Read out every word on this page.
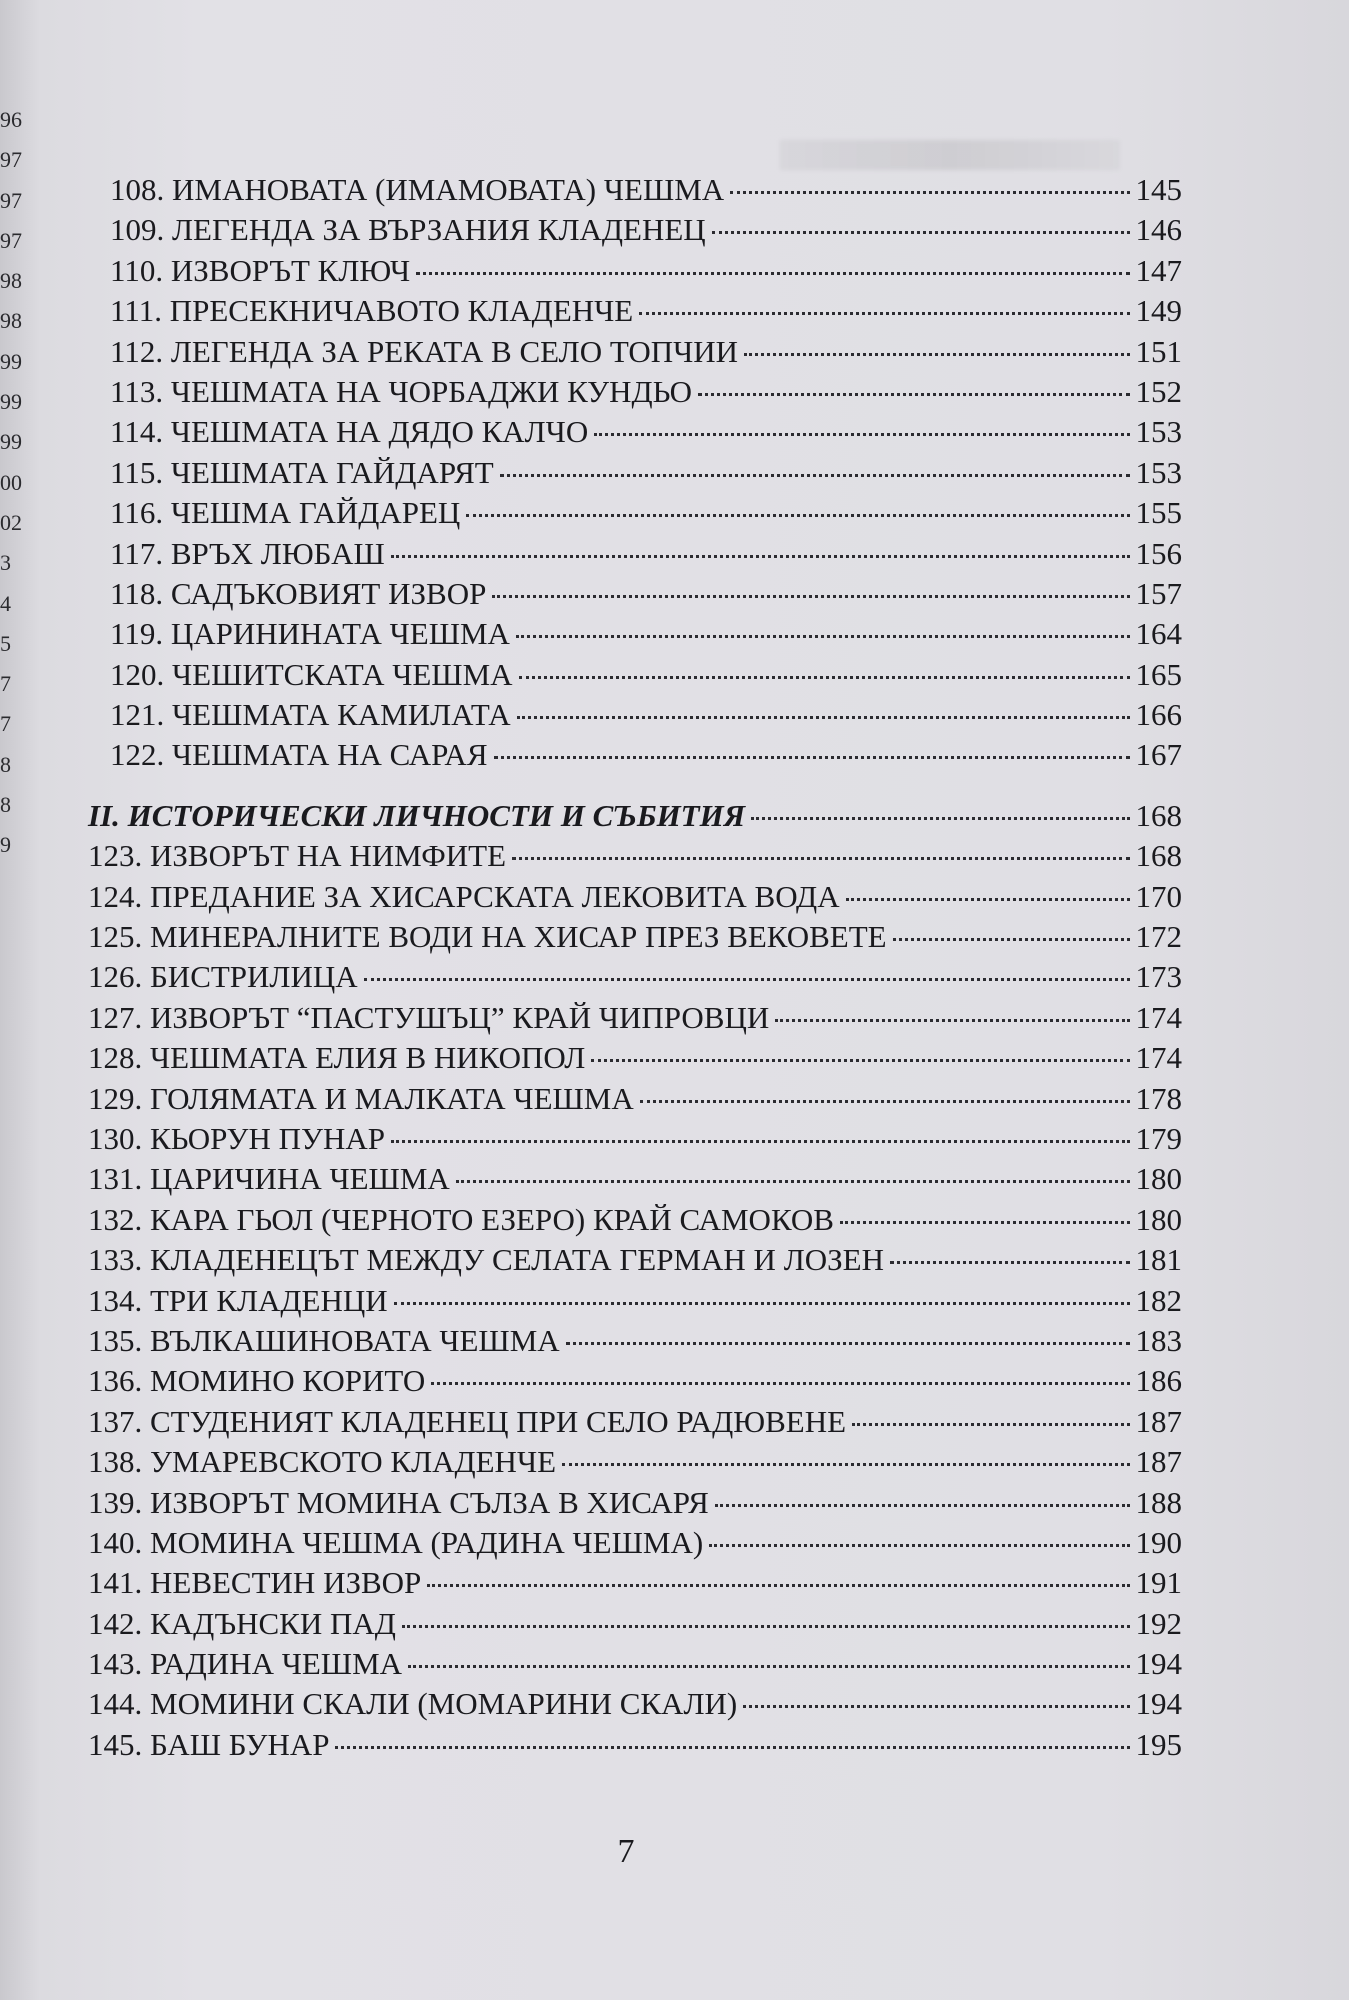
96
97
97
97
98
98
99
99
99
00
02
3
4
5
7
7
8
8
9
108. ИМАНОВАТА (ИМАМОВАТА) ЧЕШМА	145
109. ЛЕГЕНДА ЗА ВЪРЗАНИЯ КЛАДЕНЕЦ	146
110. ИЗВОРЪТ КЛЮЧ	147
111. ПРЕСЕКНИЧАВОТО КЛАДЕНЧЕ	149
112. ЛЕГЕНДА ЗА РЕКАТА В СЕЛО ТОПЧИИ	151
113. ЧЕШМАТА НА ЧОРБАДЖИ КУНДЬО	152
114. ЧЕШМАТА НА ДЯДО КАЛЧО	153
115. ЧЕШМАТА ГАЙДАРЯТ	153
116. ЧЕШМА ГАЙДАРЕЦ	155
117. ВРЪХ ЛЮБАШ	156
118. САДЪКОВИЯТ ИЗВОР	157
119. ЦАРИНИНАТА ЧЕШМА	164
120. ЧЕШИТСКАТА ЧЕШМА	165
121. ЧЕШМАТА КАМИЛАТА	166
122. ЧЕШМАТА НА САРАЯ	167
II. ИСТОРИЧЕСКИ ЛИЧНОСТИ И СЪБИТИЯ	168
123. ИЗВОРЪТ НА НИМФИТЕ	168
124. ПРЕДАНИЕ ЗА ХИСАРСКАТА ЛЕКОВИТА ВОДА	170
125. МИНЕРАЛНИТЕ ВОДИ НА ХИСАР ПРЕЗ ВЕКОВЕТЕ	172
126. БИСТРИЛИЦА	173
127. ИЗВОРЪТ “ПАСТУШЪЦ” КРАЙ ЧИПРОВЦИ	174
128. ЧЕШМАТА ЕЛИЯ В НИКОПОЛ	174
129. ГОЛЯМАТА И МАЛКАТА ЧЕШМА	178
130. КЬОРУН ПУНАР	179
131. ЦАРИЧИНА ЧЕШМА	180
132. КАРА ГЬОЛ (ЧЕРНОТО ЕЗЕРО) КРАЙ САМОКОВ	180
133. КЛАДЕНЕЦЪТ МЕЖДУ СЕЛАТА ГЕРМАН И ЛОЗЕН	181
134. ТРИ КЛАДЕНЦИ	182
135. ВЪЛКАШИНОВАТА ЧЕШМА	183
136. МОМИНО КОРИТО	186
137. СТУДЕНИЯТ КЛАДЕНЕЦ ПРИ СЕЛО РАДЮВЕНЕ	187
138. УМАРЕВСКОТО КЛАДЕНЧЕ	187
139. ИЗВОРЪТ МОМИНА СЪЛЗА В ХИСАРЯ	188
140. МОМИНА ЧЕШМА (РАДИНА ЧЕШМА)	190
141. НЕВЕСТИН ИЗВОР	191
142. КАДЪНСКИ ПАД	192
143. РАДИНА ЧЕШМА	194
144. МОМИНИ СКАЛИ (МОМАРИНИ СКАЛИ)	194
145. БАШ БУНАР	195
7
